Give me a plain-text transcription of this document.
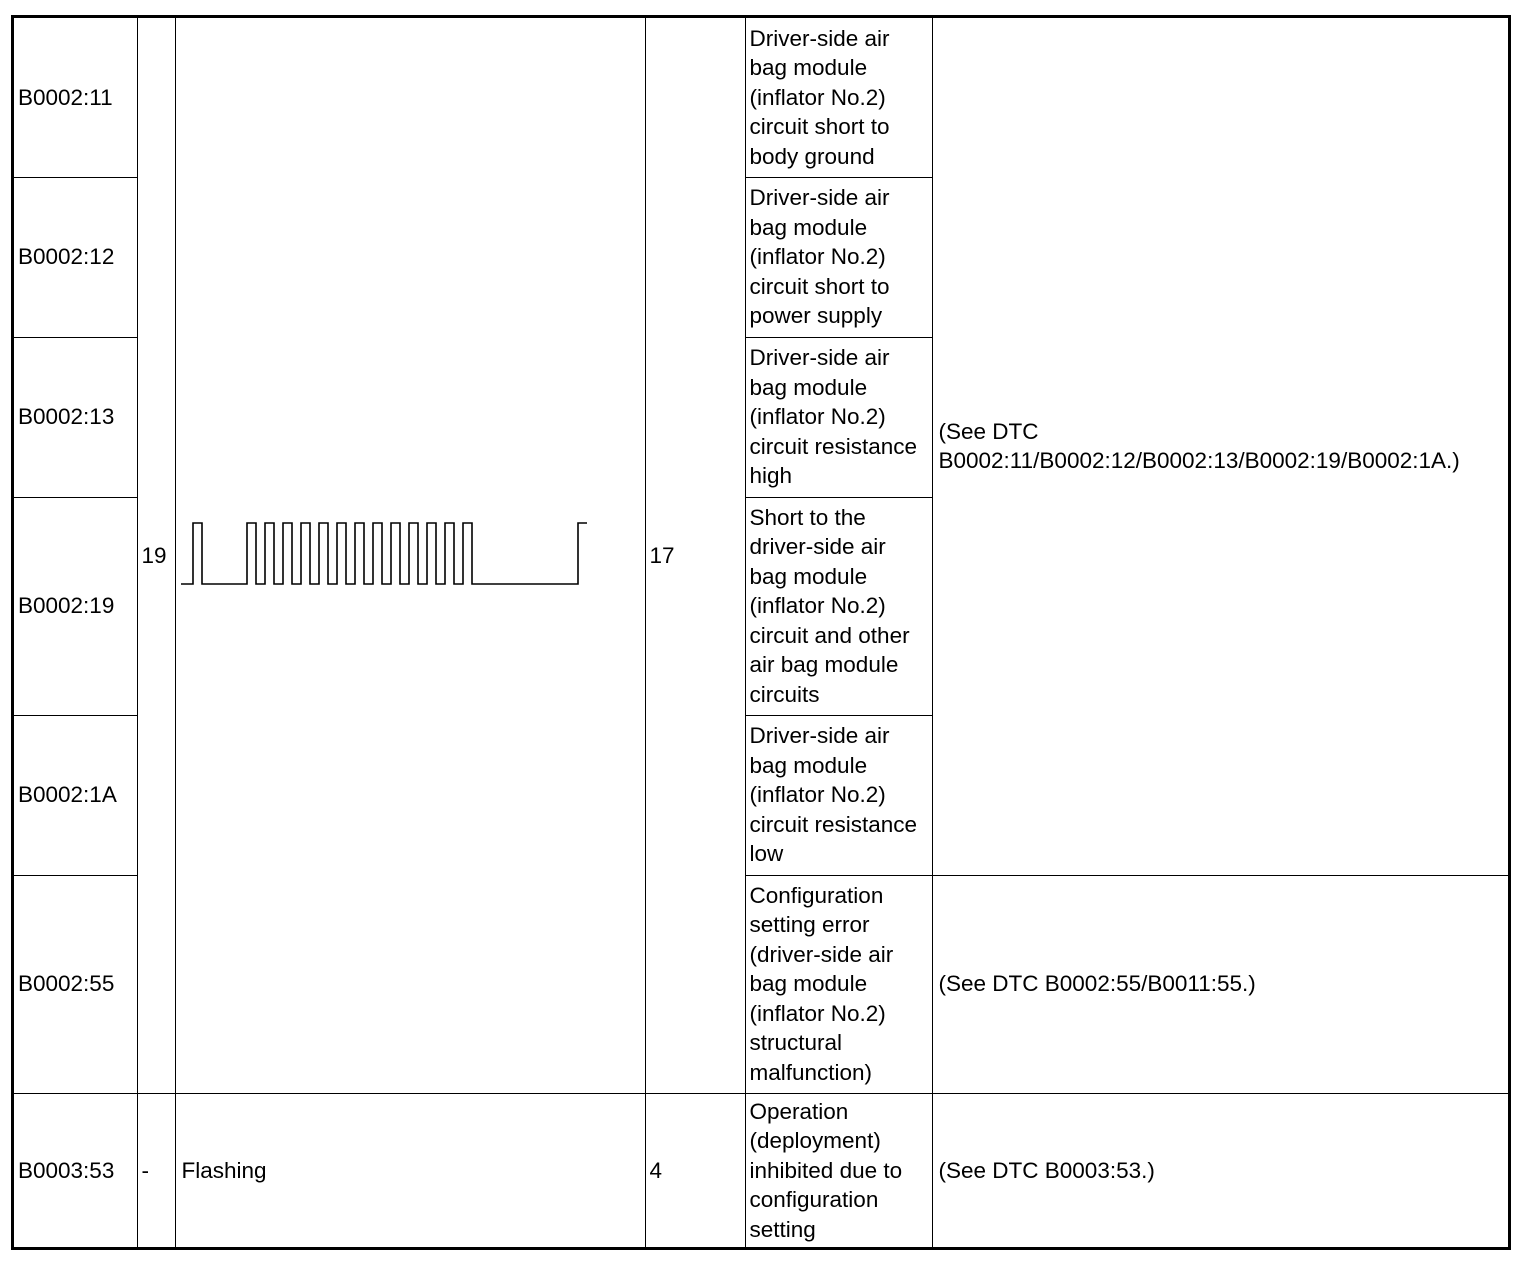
B0002:11	19		17	Driver-side air bag module (inflator No.2) circuit short to body ground	(See DTC B0002:11/B0002:12/B0002:13/B0002:19/B0002:1A.)
B0002:12				Driver-side air bag module (inflator No.2) circuit short to power supply	
B0002:13				Driver-side air bag module (inflator No.2) circuit resistance high	
B0002:19				Short to the driver-side air bag module (inflator No.2) circuit and other air bag module circuits	
B0002:1A				Driver-side air bag module (inflator No.2) circuit resistance low	
B0002:55				Configuration setting error (driver-side air bag module (inflator No.2) structural malfunction)	(See DTC B0002:55/B0011:55.)
B0003:53	-	Flashing	4	Operation (deployment) inhibited due to configuration setting	(See DTC B0003:53.)
